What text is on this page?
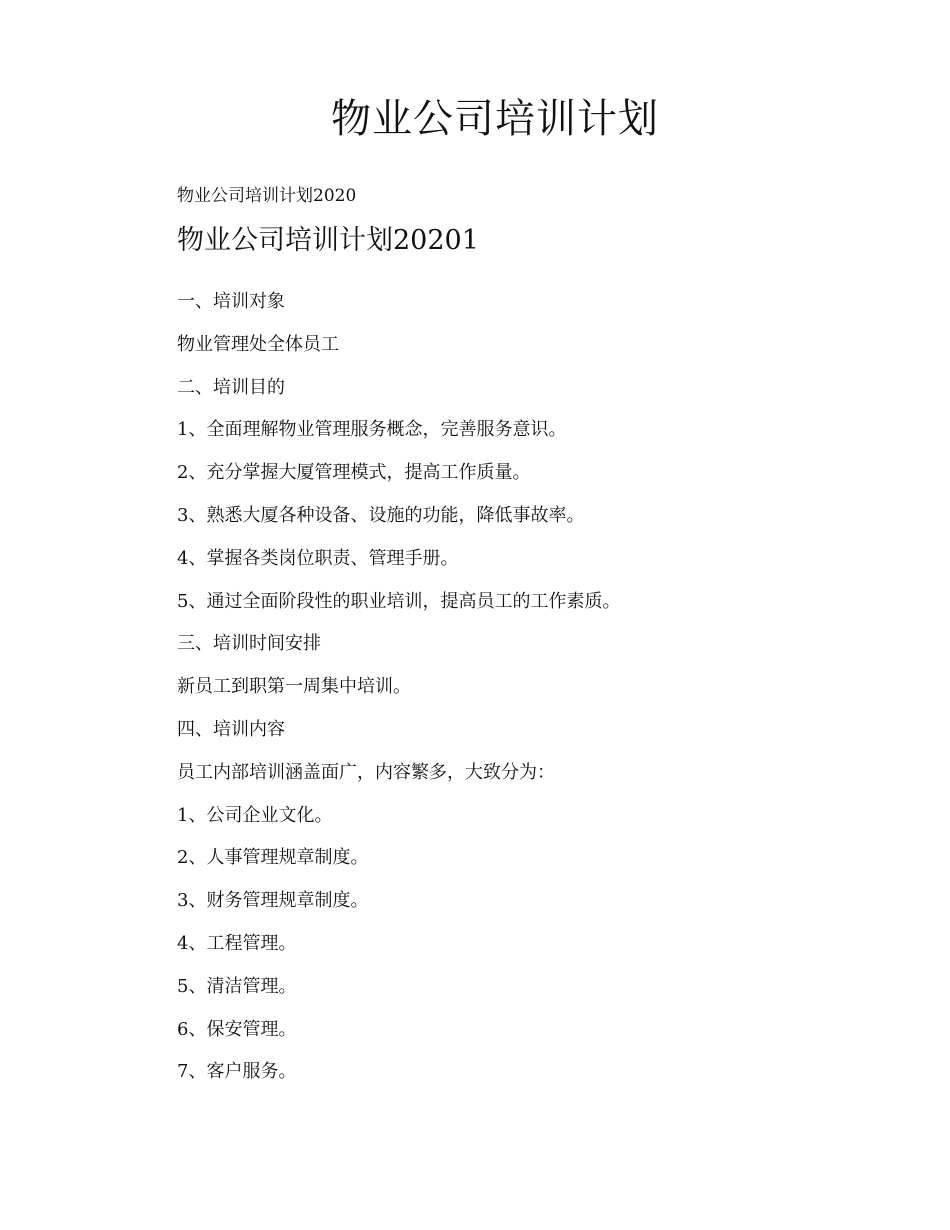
物业公司培训计划
物业公司培训计划2020
物业公司培训计划20201
一、培训对象
物业管理处全体员工
二、培训目的
1、全面理解物业管理服务概念，完善服务意识。
2、充分掌握大厦管理模式，提高工作质量。
3、熟悉大厦各种设备、设施的功能，降低事故率。
4、掌握各类岗位职责、管理手册。
5、通过全面阶段性的职业培训，提高员工的工作素质。
三、培训时间安排
新员工到职第一周集中培训。
四、培训内容
员工内部培训涵盖面广，内容繁多，大致分为：
1、公司企业文化。
2、人事管理规章制度。
3、财务管理规章制度。
4、工程管理。
5、清洁管理。
6、保安管理。
7、客户服务。
